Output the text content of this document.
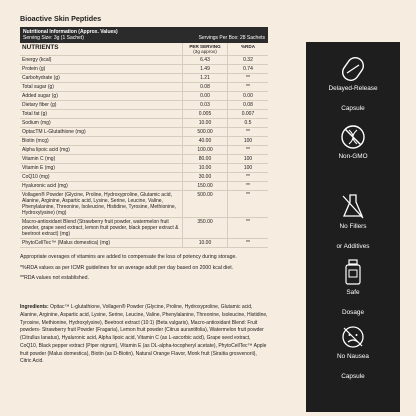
Bioactive Skin Peptides
Nutritional Information (Approx. Values)
Serving Size: 3g (1 Sachet)	Servings Per Box: 28 Sachets
NUTRIENTS	PER SERVING
(3g approx)	%RDA
Energy (kcal)	6.43	0.32
Protein (g)	1.49	0.74
Carbohydrate (g)	1.21	**
Total sugar (g)	0.08	**
Added sugar (g)	0.00	0.00
Dietary fiber (g)	0.03	0.08
Total fat (g)	0.005	0.007
Sodium (mg)	10.00	0.5
OptacTM L-Glutathione (mg)	500.00	**
Biotin (mcg)	40.00	100
Alpha lipoic acid (mg)	100.00	**
Vitamin C (mg)	80.00	100
Vitamin E (mg)	10.00	100
CoQ10 (mg)	30.00	**
Hyaluronic acid (mg)	150.00	**
Vollagen® Powder (Glycine, Proline, Hydroxyproline, Glutamic acid, Alanine, Arginine, Aspartic acid, Lysine, Serine, Leucine, Valine, Phenylalanine, Threonine, Isoleucine, Histidine, Tyrosine, Methionine, Hydroxylysine) (mg)	500.00	**
Macro-antioxidant Blend (Strawberry fruit powder, watermelon fruit powder, grape seed extract, lemon fruit powder, black pepper extract & beetroot extract) (mg)	350.00	**
PhytoCellTec™ (Malus domestica) (mg)	10.00	**

Appropriate overages of vitamins are added to compensate the loss of potency during storage.

*%RDA values as per ICMR guidelines for an average adult per day based on 2000 kcal diet.

**RDA values not established.

Ingredients: Opitac™ L-glutathione, Vollagen® Powder (Glycine, Proline, Hydroxyproline, Glutamic acid, Alanine, Arginine, Aspartic acid, Lysine, Serine, Leucine, Valine, Phenylalanine, Threonine, Isoleucine, Histidine, Tyrosine, Methionine, Hydroxylysine), Beetroot extract (10:1) (Beta vulgaris), Macro-antioxidant Blend: Fruit powders- Strawberry fruit Powder (Fragaria), Lemon fruit powder (Citrus aurantifolia), Watermelon fruit powder (Citrullus lanatus), Hyaluronic acid, Alpha lipoic acid, Vitamin C (as L-ascorbic acid), Grape seed extract, CoQ10, Black pepper extract (Piper nigrum), Vitamin E (as DL-alpha-tocopheryl acetate), PhytoCellTec™ Apple fruit powder (Malus domestica), Biotin (as D-Biotin), Natural Orange Flavor, Monk fruit (Siraitia grosvenorii), Citric Acid.
Delayed-Release

Capsule
Non-GMO
No Fillers

or Additives
Safe

Dosage
No Nausea

Capsule
